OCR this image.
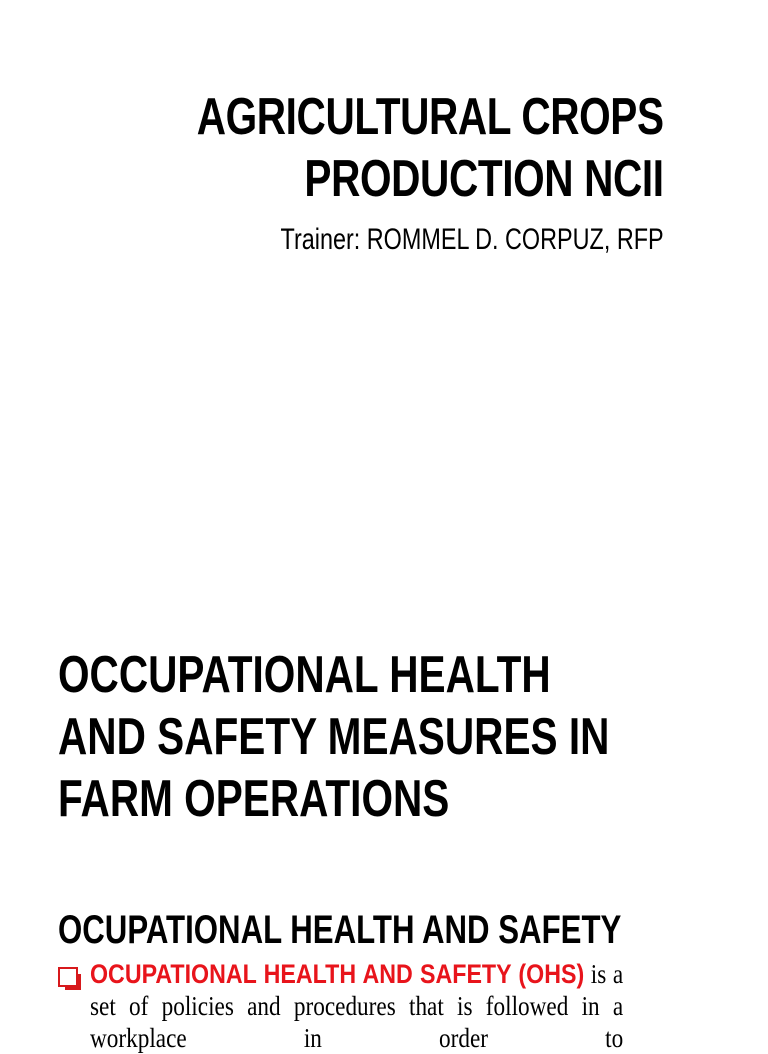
AGRICULTURAL CROPS
PRODUCTION NCII

Trainer: ROMMEL D. CORPUZ, RFP

OCCUPATIONAL HEALTH
AND SAFETY MEASURES IN
FARM OPERATIONS
OCUPATIONAL HEALTH AND SAFETY

OCUPATIONAL HEALTH AND SAFETY (OHS) is a set of policies and procedures that is followed in a workplace in order to
